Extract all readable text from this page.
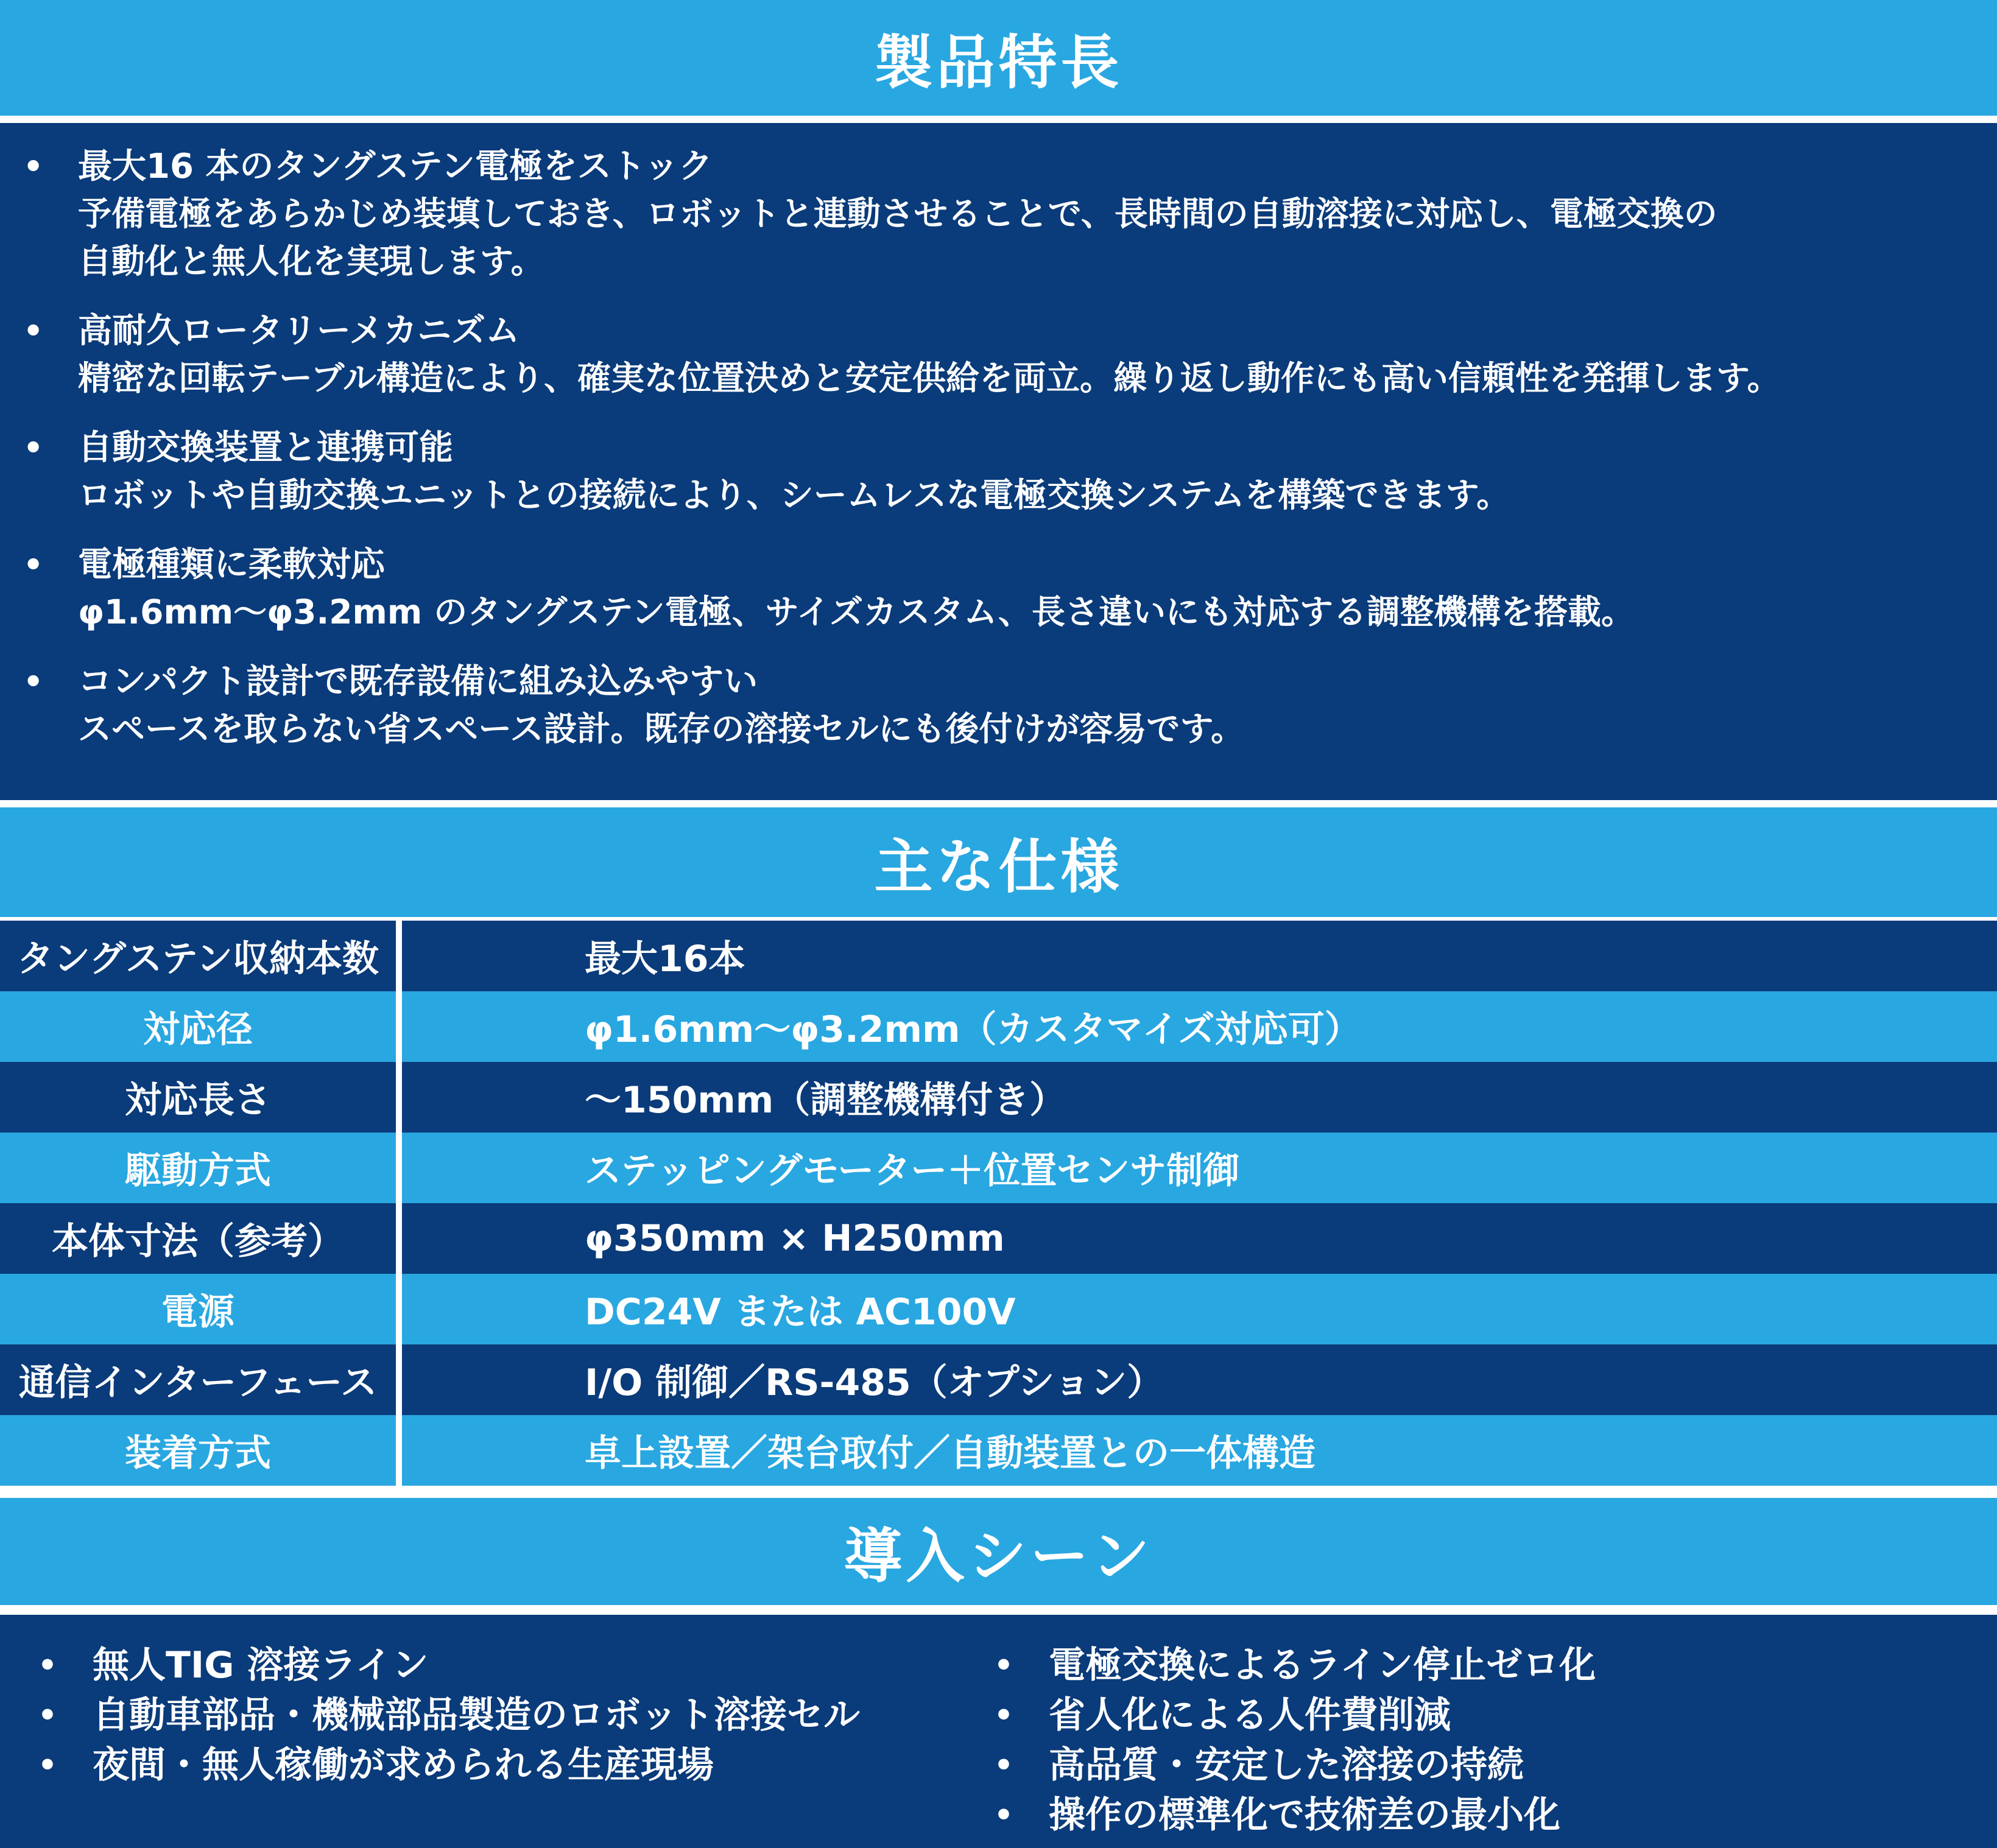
製品特長
• 最大16 本のタングステン電極をストック
予備電極をあらかじめ装填しておき、ロボットと連動させることで、長時間の自動溶接に対応し、電極交換の
自動化と無人化を実現します。
• 高耐久ロータリーメカニズム
精密な回転テーブル構造により、確実な位置決めと安定供給を両立。繰り返し動作にも高い信頼性を発揮します。
• 自動交換装置と連携可能
ロボットや自動交換ユニットとの接続により、シームレスな電極交換システムを構築できます。
• 電極種類に柔軟対応
φ1.6mm〜φ3.2mm のタングステン電極、サイズカスタム、長さ違いにも対応する調整機構を搭載。
• コンパクト設計で既存設備に組み込みやすい
スペースを取らない省スペース設計。既存の溶接セルにも後付けが容易です。
主な仕様
タングステン収納本数	最大16本
対応径	φ1.6mm〜φ3.2mm（カスタマイズ対応可）
対応長さ	〜150mm（調整機構付き）
駆動方式	ステッピングモーター＋位置センサ制御
本体寸法（参考）	φ350mm × H250mm
電源	DC24V または AC100V
通信インターフェース	I/O 制御／RS-485（オプション）
装着方式	卓上設置／架台取付／自動装置との一体構造
導入シーン
• 無人TIG 溶接ライン
• 自動車部品・機械部品製造のロボット溶接セル
• 夜間・無人稼働が求められる生産現場
• 電極交換によるライン停止ゼロ化
• 省人化による人件費削減
• 高品質・安定した溶接の持続
• 操作の標準化で技術差の最小化
